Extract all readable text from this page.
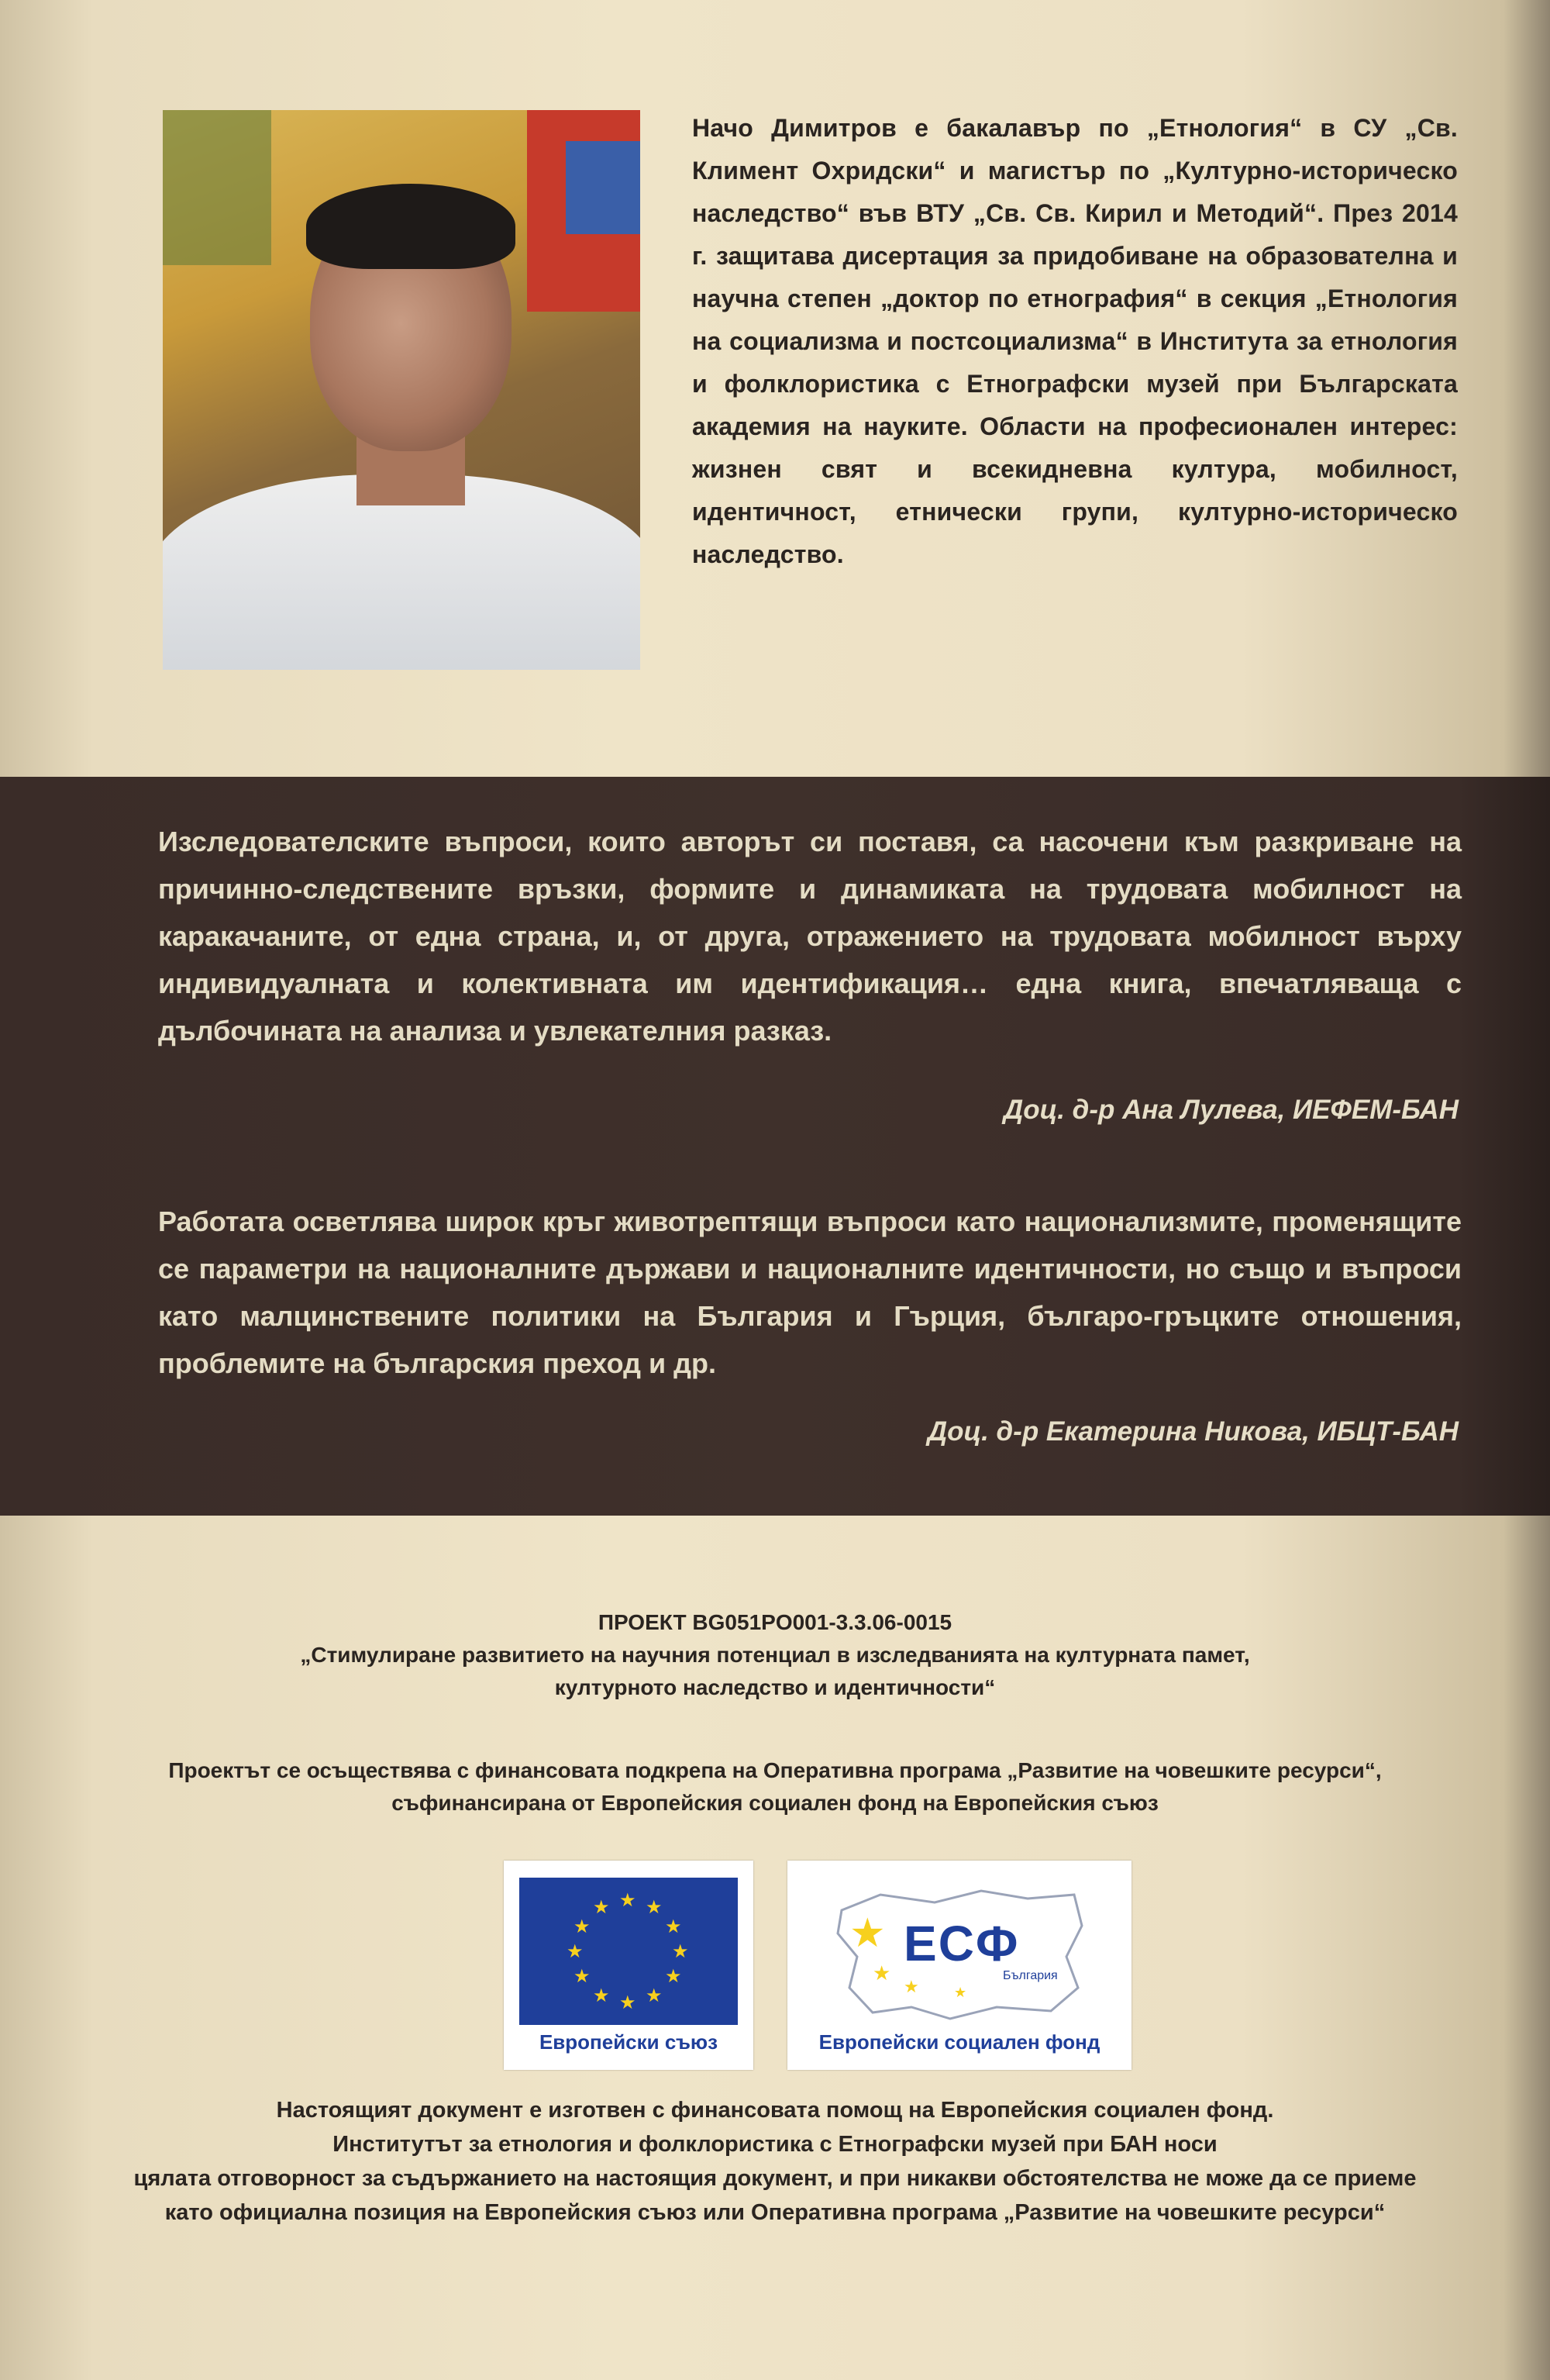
Начо Димитров е бакалавър по „Етнология“ в СУ „Св. Климент Охридски“ и магистър по „Културно-историческо наследство“ във ВТУ „Св. Св. Кирил и Методий“. През 2014 г. защитава дисертация за придобиване на образователна и научна степен „доктор по етнография“ в секция „Етнология на социализма и постсоциализма“ в Института за етнология и фолклористика с Етнографски музей при Българската академия на науките. Области на професионален интерес: жизнен свят и всекидневна култура, мобилност, идентичност, етнически групи, културно-историческо наследство.
Изследователските въпроси, които авторът си поставя, са насочени към разкриване на причинно-следствените връзки, формите и динамиката на трудовата мобилност на каракачаните, от една страна, и, от друга, отражението на трудовата мобилност върху индивидуалната и колективната им идентификация… една книга, впечатляваща с дълбочината на анализа и увлекателния разказ.
Доц. д-р Ана Лулева, ИЕФЕМ-БАН
Работата осветлява широк кръг животрептящи въпроси като национализмите, променящите се параметри на националните държави и националните идентичности, но също и въпроси като малцинствените политики на България и Гърция, българо-гръцките отношения, проблемите на българския преход и др.
Доц. д-р Екатерина Никова, ИБЦТ-БАН
ПРОЕКТ BG051PO001-3.3.06-0015
„Стимулиране развитието на научния потенциал в изследванията на културната памет,
културното наследство и идентичности“
Проектът се осъществява с финансовата подкрепа на Оперативна програма „Развитие на човешките ресурси“,
съфинансирана от Европейския социален фонд на Европейския съюз
★ ★
★
★
★
★
★
★
★
★
★
★
Европейски съюз
★
★
★	★
ЕСФ
България
Европейски социален фонд
Настоящият документ е изготвен с финансовата помощ на Европейския социален фонд.
Институтът за етнология и фолклористика с Етнографски музей при БАН носи
цялата отговорност за съдържанието на настоящия документ, и при никакви обстоятелства не може да се приеме
като официална позиция на Европейския съюз или Оперативна програма „Развитие на човешките ресурси“
